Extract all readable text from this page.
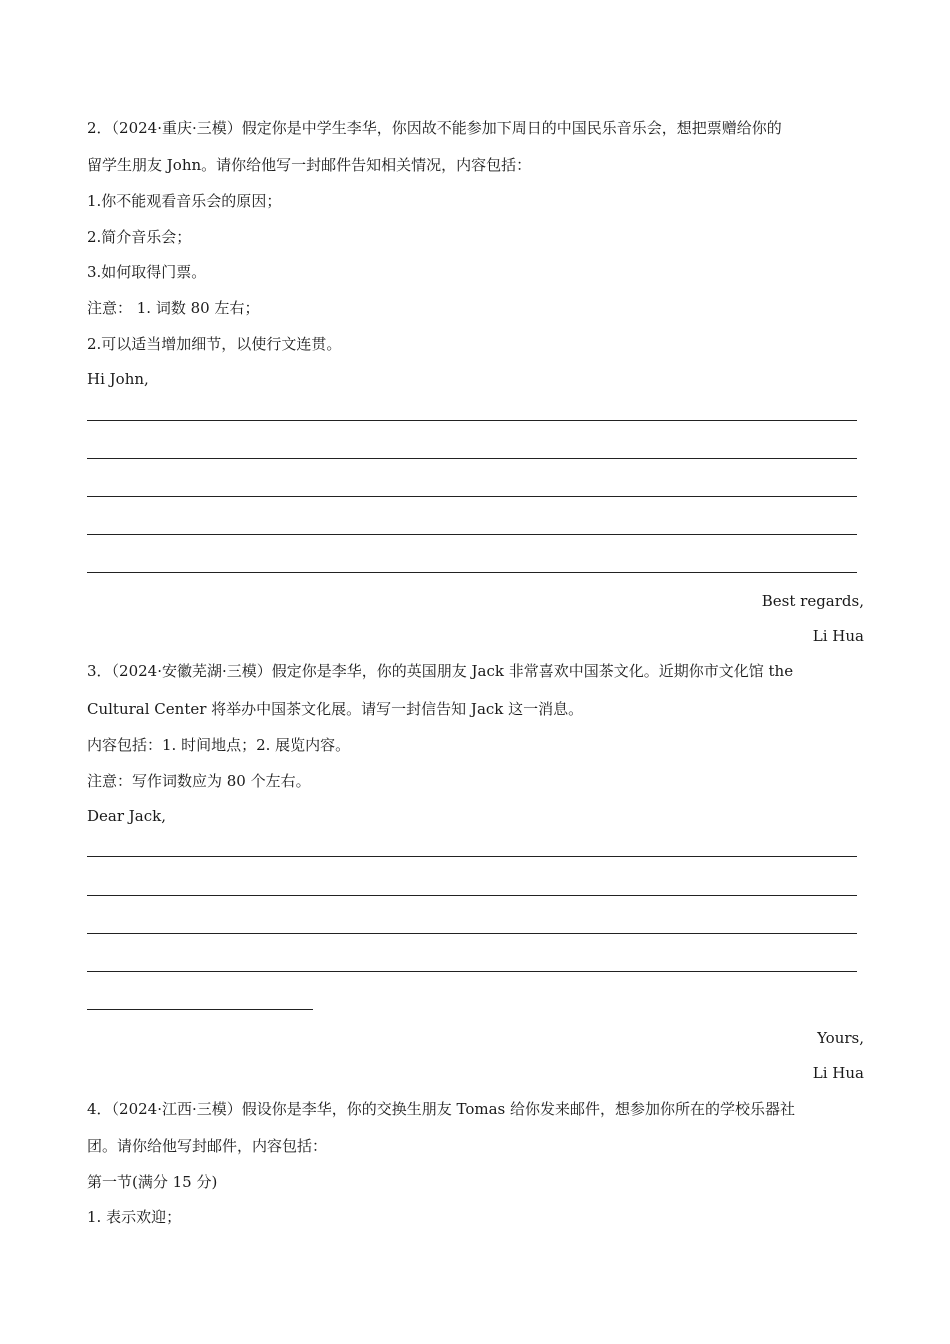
2．（2024·重庆·三模）假定你是中学生李华，你因故不能参加下周日的中国民乐音乐会，想把票赠给你的
留学生朋友 John。请你给他写一封邮件告知相关情况，内容包括：
1.你不能观看音乐会的原因；
2.简介音乐会；
3.如何取得门票。
注意： 1. 词数 80 左右；
2.可以适当增加细节，以使行文连贯。
Hi John,
Best regards,
Li Hua
3．（2024·安徽芜湖·三模）假定你是李华，你的英国朋友 Jack 非常喜欢中国茶文化。近期你市文化馆 the
Cultural Center 将举办中国茶文化展。请写一封信告知 Jack 这一消息。
内容包括：1. 时间地点；2. 展览内容。
注意：写作词数应为 80 个左右。
Dear Jack,
Yours,
Li Hua
4．（2024·江西·三模）假设你是李华，你的交换生朋友 Tomas 给你发来邮件，想参加你所在的学校乐器社
团。请你给他写封邮件，内容包括：
第一节(满分 15 分)
1. 表示欢迎；
